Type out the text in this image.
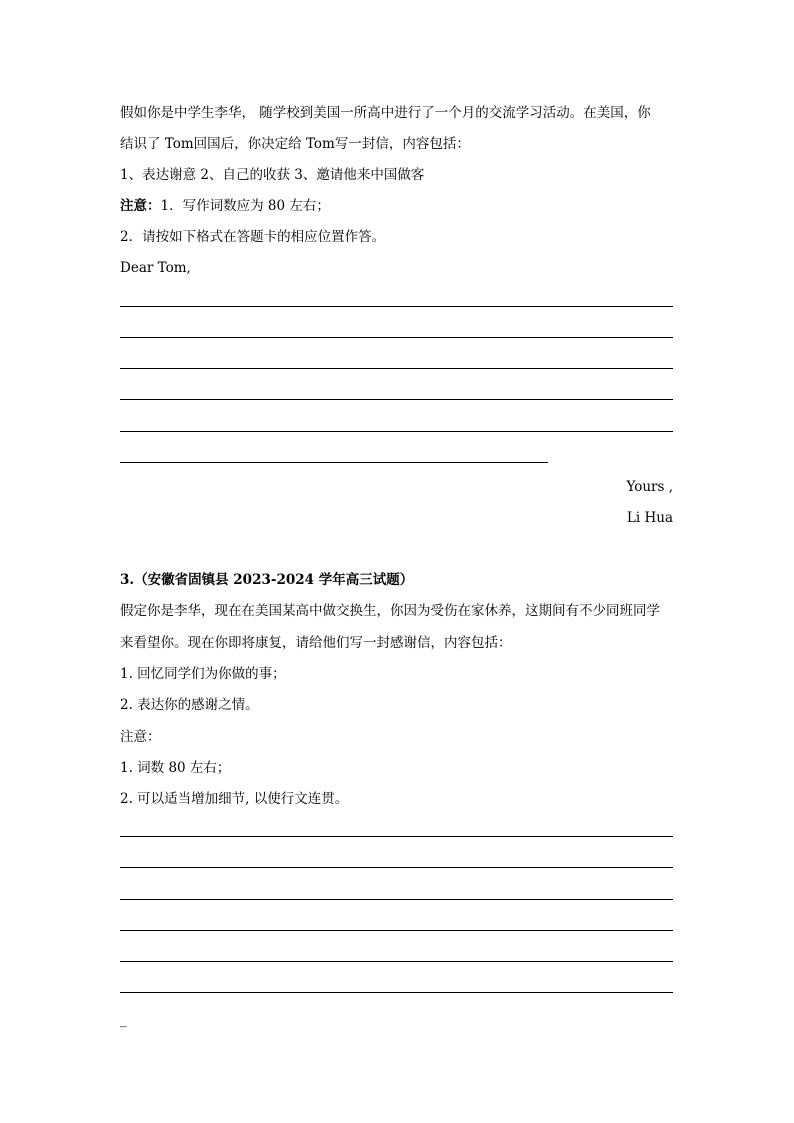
假如你是中学生李华， 随学校到美国一所高中进行了一个月的交流学习活动。在美国，你
结识了 Tom回国后，你决定给 Tom写一封信，内容包括：
1、表达谢意 2、自己的收获 3、邀请他来中国做客
注意：1．写作词数应为 80 左右；
2．请按如下格式在答题卡的相应位置作答。
Dear Tom,
Yours ,
Li Hua
3.（安徽省固镇县 2023-2024 学年高三试题）
假定你是李华，现在在美国某高中做交换生，你因为受伤在家休养，这期间有不少同班同学
来看望你。现在你即将康复，请给他们写一封感谢信，内容包括：
1. 回忆同学们为你做的事；
2. 表达你的感谢之情。
注意：
1. 词数 80 左右；
2. 可以适当增加细节, 以使行文连贯。
_
